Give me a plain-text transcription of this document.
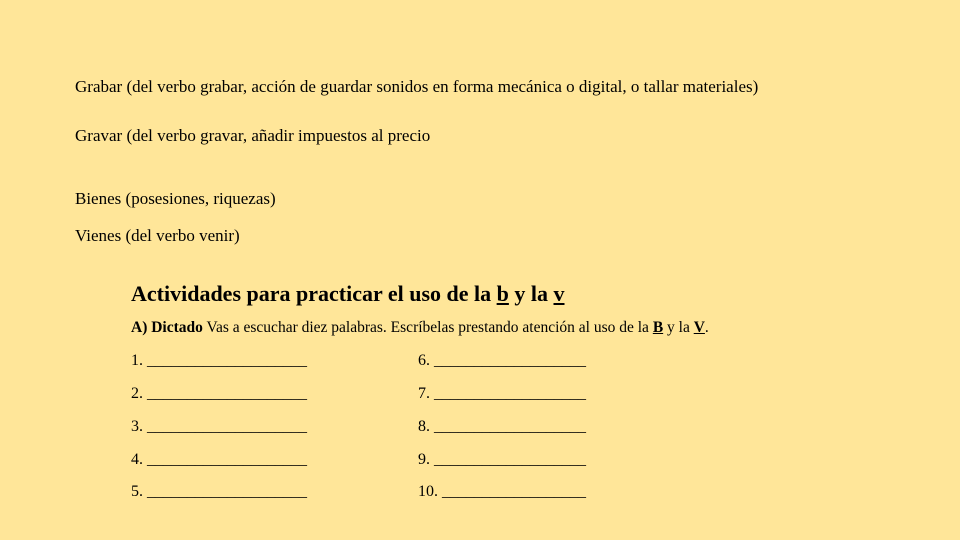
Grabar (del verbo grabar, acción de guardar sonidos en forma mecánica o digital, o tallar materiales)
Gravar (del verbo gravar, añadir impuestos al precio
Bienes (posesiones, riquezas)
Vienes (del verbo venir)
Actividades para practicar el uso de la b y la v
A) Dictado Vas a escuchar diez palabras. Escríbelas prestando atención al uso de la B y la V.
1. ____________________	6. ___________________
2. ____________________	7. ___________________
3. ____________________	8. ___________________
4. ____________________	9. ___________________
5. ____________________	10. __________________
